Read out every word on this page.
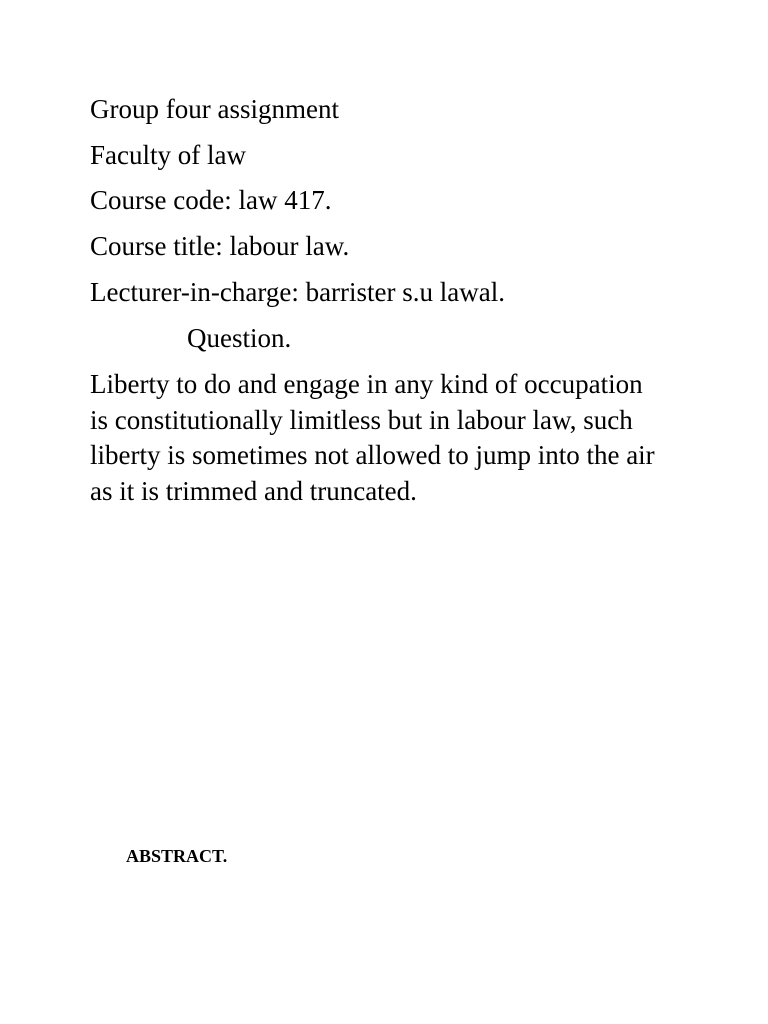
Group four assignment
Faculty of law
Course code: law 417.
Course title: labour law.
Lecturer-in-charge: barrister s.u lawal.
Question.
Liberty to do and engage in any kind of occupation
is constitutionally limitless but in labour law, such
liberty is sometimes not allowed to jump into the air
as it is trimmed and truncated.
ABSTRACT.
